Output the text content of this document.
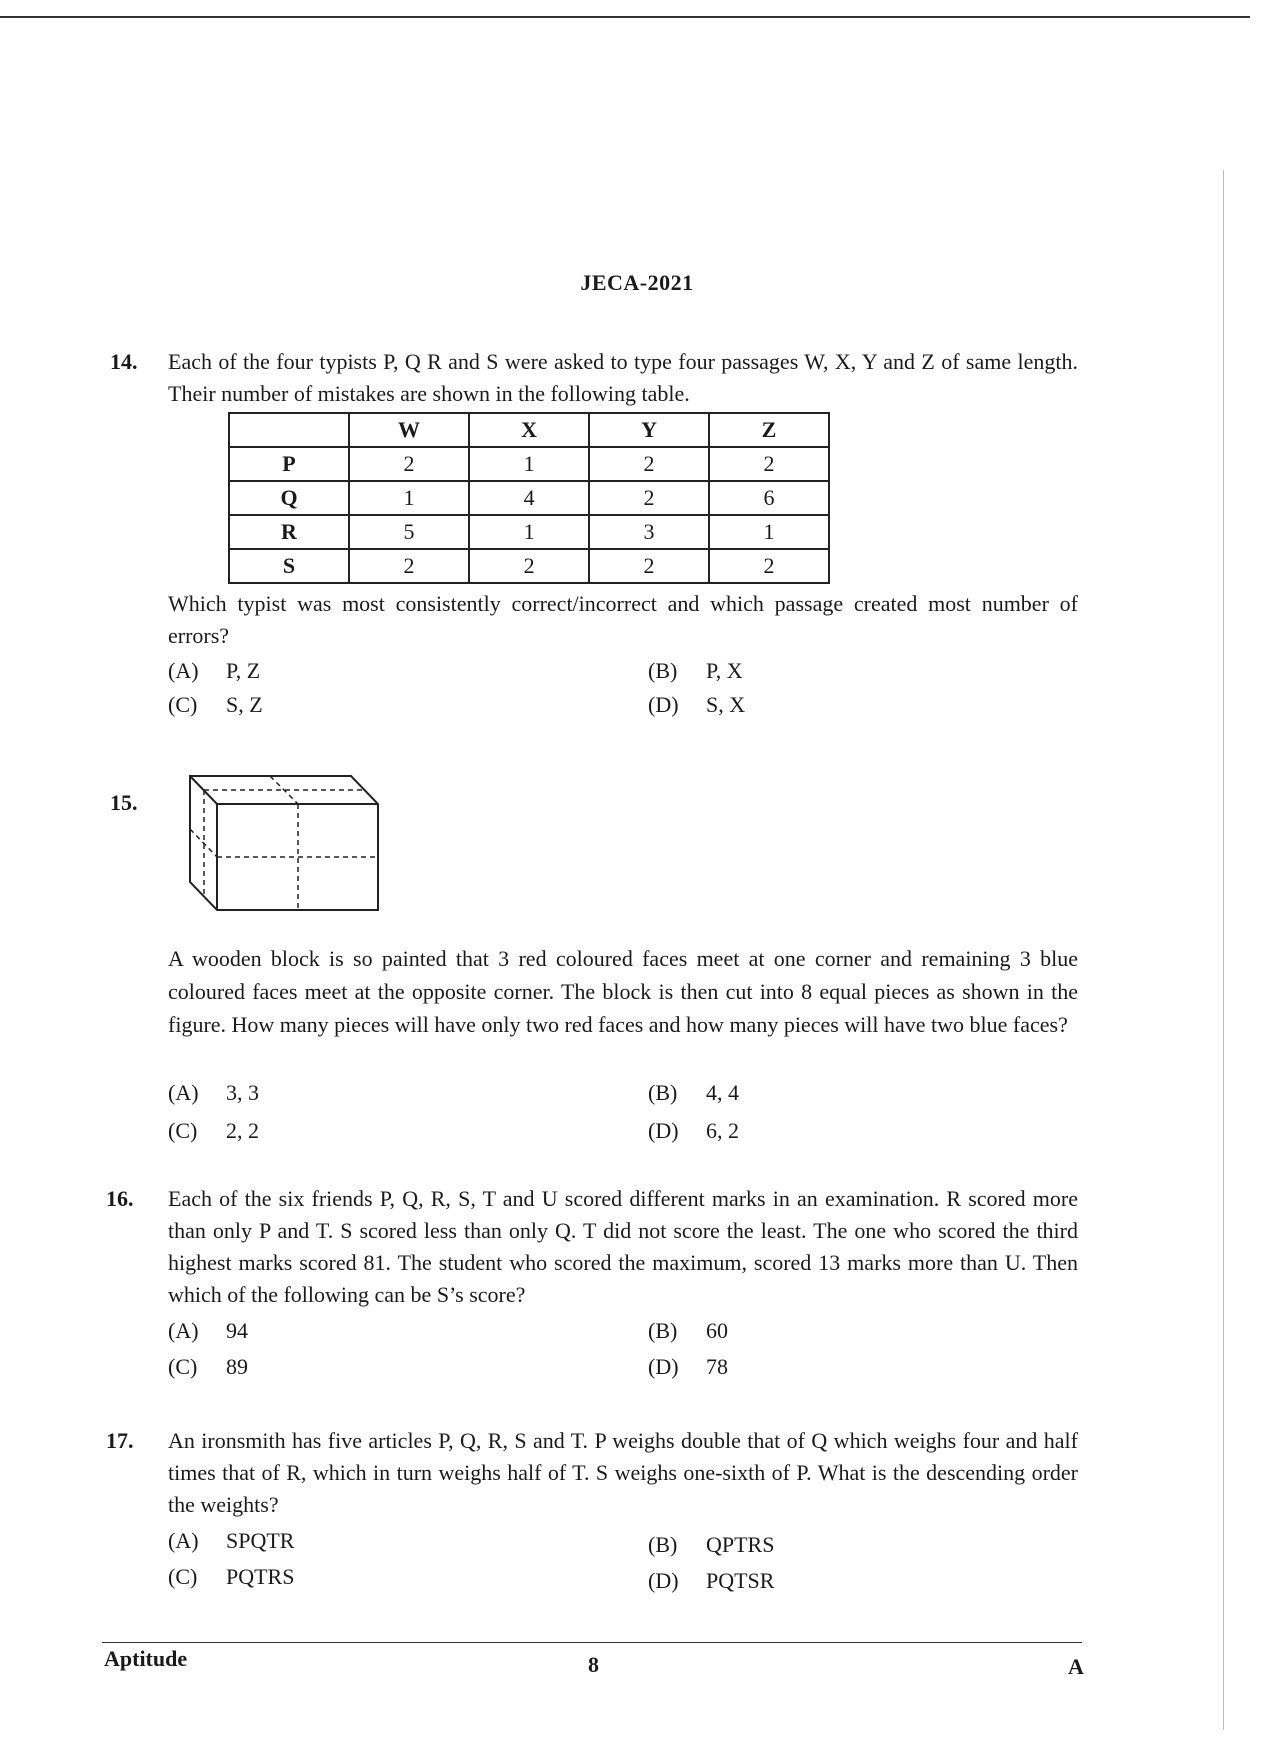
JECA-2021
14. Each of the four typists P, Q R and S were asked to type four passages W, X, Y and Z of same length. Their number of mistakes are shown in the following table.
	W	X	Y	Z
P	2	1	2	2
Q	1	4	2	6
R	5	1	3	1
S	2	2	2	2
Which typist was most consistently correct/incorrect and which passage created most number of errors?
(A) P, Z	(B) P, X
(C) S, Z	(D) S, X
15.
A wooden block is so painted that 3 red coloured faces meet at one corner and remaining 3 blue coloured faces meet at the opposite corner. The block is then cut into 8 equal pieces as shown in the figure. How many pieces will have only two red faces and how many pieces will have two blue faces?
(A) 3, 3	(B) 4, 4
(C) 2, 2	(D) 6, 2
16. Each of the six friends P, Q, R, S, T and U scored different marks in an examination. R scored more than only P and T. S scored less than only Q. T did not score the least. The one who scored the third highest marks scored 81. The student who scored the maximum, scored 13 marks more than U. Then which of the following can be S’s score?
(A) 94	(B) 60
(C) 89	(D) 78
17. An ironsmith has five articles P, Q, R, S and T. P weighs double that of Q which weighs four and half times that of R, which in turn weighs half of T. S weighs one-sixth of P. What is the descending order the weights?
(A) SPQTR	(B) QPTRS
(C) PQTRS	(D) PQTSR
Aptitude	8	A
